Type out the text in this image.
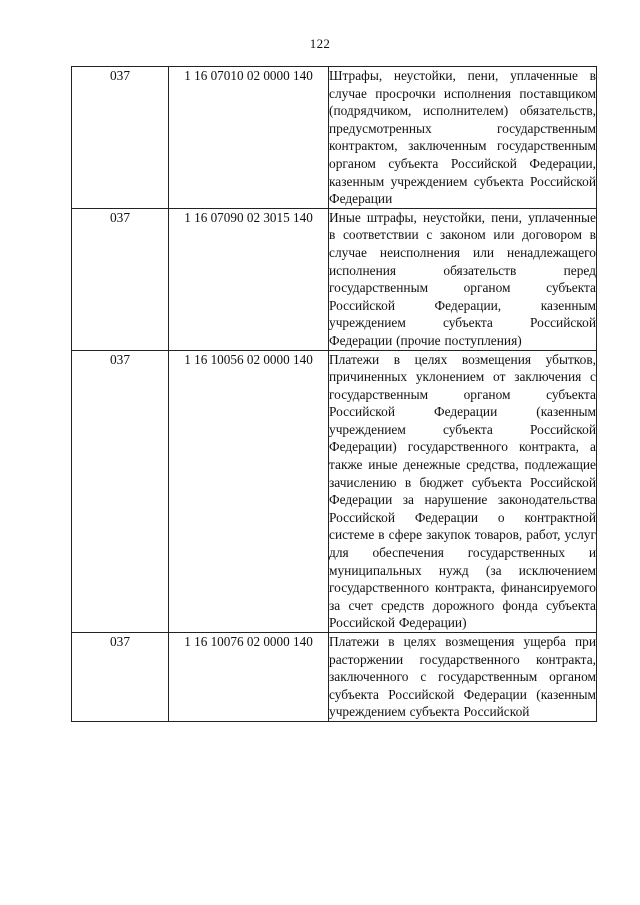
122
037	1 16 07010 02 0000 140	Штрафы, неустойки, пени, уплаченные в случае просрочки исполнения поставщиком (подрядчиком, исполнителем) обязательств, предусмотренных государственным контрактом, заключенным государственным органом субъекта Российской Федерации, казенным учреждением субъекта Российской Федерации
037	1 16 07090 02 3015 140	Иные штрафы, неустойки, пени, уплаченные в соответствии с законом или договором в случае неисполнения или ненадлежащего исполнения обязательств перед государственным органом субъекта Российской Федерации, казенным учреждением субъекта Российской Федерации (прочие поступления)
037	1 16 10056 02 0000 140	Платежи в целях возмещения убытков, причиненных уклонением от заключения с государственным органом субъекта Российской Федерации (казенным учреждением субъекта Российской Федерации) государственного контракта, а также иные денежные средства, подлежащие зачислению в бюджет субъекта Российской Федерации за нарушение законодательства Российской Федерации о контрактной системе в сфере закупок товаров, работ, услуг для обеспечения государственных и муниципальных нужд (за исключением государственного контракта, финансируемого за счет средств дорожного фонда субъекта Российской Федерации)
037	1 16 10076 02 0000 140	Платежи в целях возмещения ущерба при расторжении государственного контракта, заключенного с государственным органом субъекта Российской Федерации (казенным учреждением субъекта Российской
